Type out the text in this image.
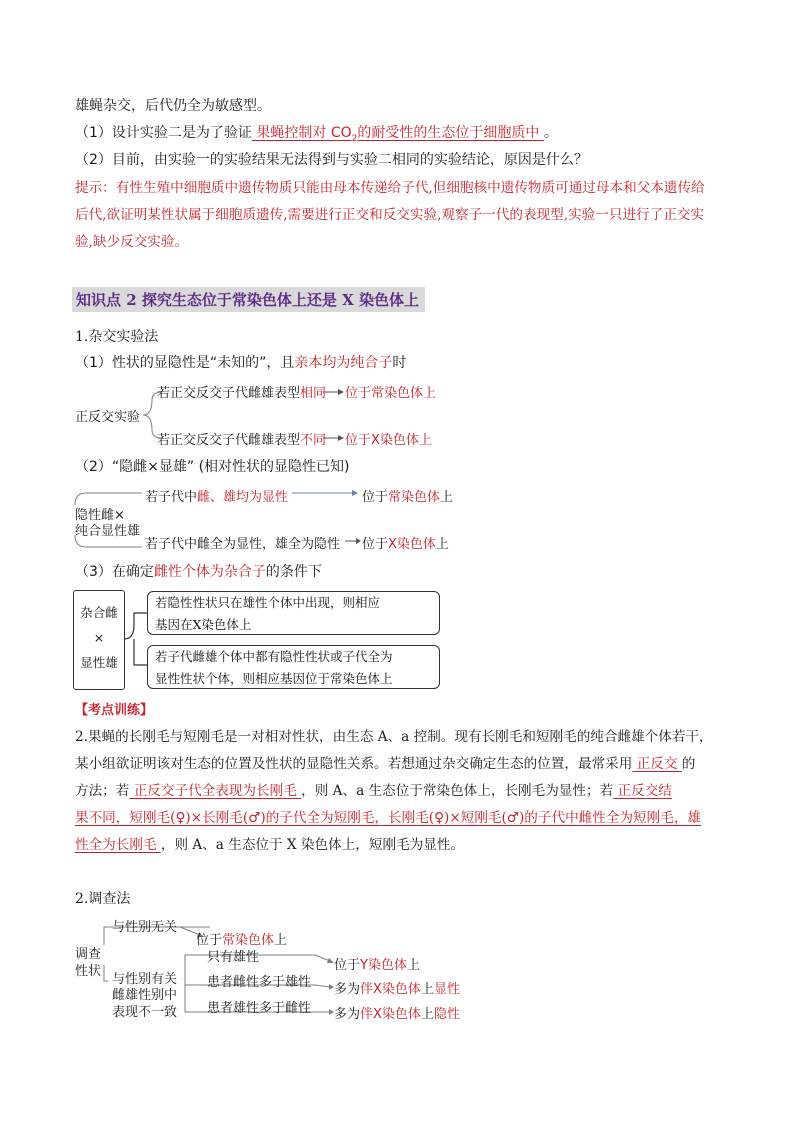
雄蝇杂交，后代仍全为敏感型。
（1）设计实验二是为了验证 果蝇控制对 $CO_2$的耐受性的生态位于细胞质中 。
（2）目前，由实验一的实验结果无法得到与实验二相同的实验结论，原因是什么？
提示：有性生殖中细胞质中遗传物质只能由母本传递给子代,但细胞核中遗传物质可通过母本和父本遗传给
后代,欲证明某性状属于细胞质遗传,需要进行正交和反交实验,观察子一代的表现型,实验一只进行了正交实
验,缺少反交实验。
知识点 2 探究生态位于常染色体上还是 X 染色体上
1.杂交实验法
（1）性状的显隐性是“未知的”，且亲本均为纯合子时
正反交实验
若正交反交子代雌雄表型相同 位于常染色体上
若正交反交子代雌雄表型不同 位于X染色体上
（2）“隐雌×显雄” (相对性状的显隐性已知)
隐性雌×
纯合显性雄
若子代中雌、雄均为显性	位于常染色体上
若子代中雌全为显性，雄全为隐性 位于X染色体上
（3）在确定雌性个体为杂合子的条件下
杂合雌
×
显性雄
若隐性性状只在雄性个体中出现，则相应
基因在X染色体上
若子代雌雄个体中都有隐性性状或子代全为
显性性状个体，则相应基因位于常染色体上
【考点训练】
2.果蝇的长刚毛与短刚毛是一对相对性状，由生态 A、a 控制。现有长刚毛和短刚毛的纯合雌雄个体若干，
某小组欲证明该对生态的位置及性状的显隐性关系。若想通过杂交确定生态的位置，最常采用 正反交 的
方法；若 正反交子代全表现为长刚毛 ，则 A、a 生态位于常染色体上，长刚毛为显性；若 正反交结
果不同，短刚毛(♀)×长刚毛(♂)的子代全为短刚毛，长刚毛(♀)×短刚毛(♂)的子代中雌性全为短刚毛，雄
性全为长刚毛 ，则 A、a 生态位于 X 染色体上，短刚毛为显性。
2.调查法
调查
性状
与性别无关
位于常染色体上
与性别有关
只有雄性
位于Y染色体上
患者雌性多于雄性 多为伴X染色体上显性
雌雄性别中
表现不一致 患者雄性多于雌性 多为伴X染色体上隐性
